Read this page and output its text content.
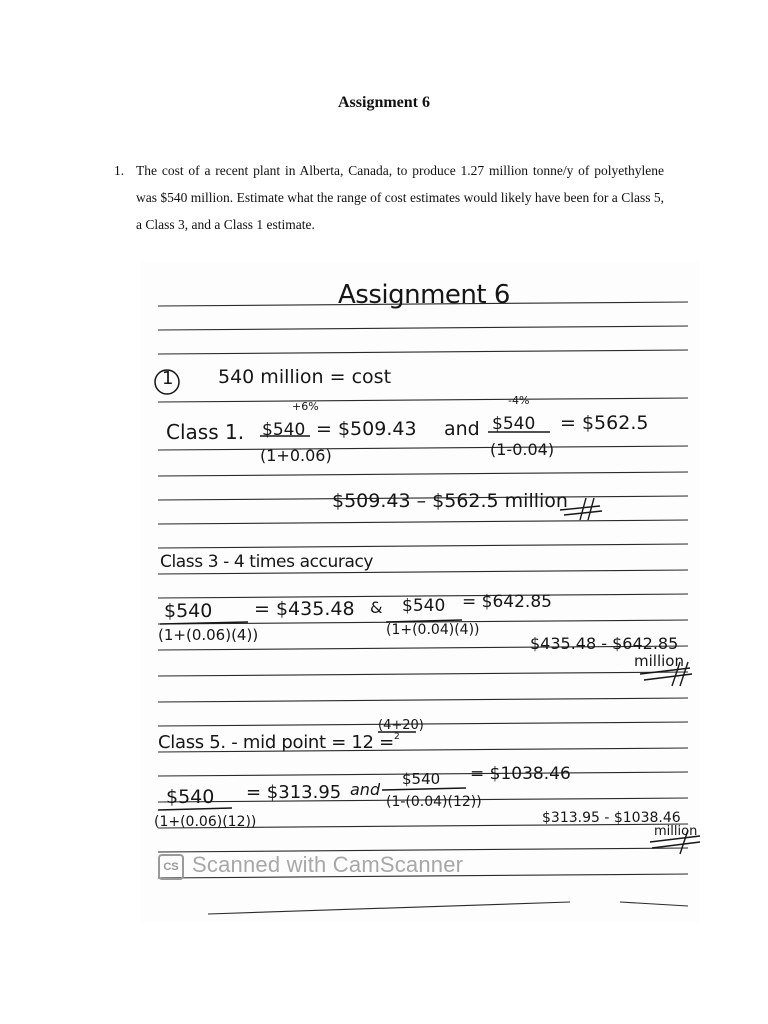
Assignment 6
1. The cost of a recent plant in Alberta, Canada, to produce 1.27 million tonne/y of polyethylene was $540 million. Estimate what the range of cost estimates would likely have been for a Class 5, a Class 3, and a Class 1 estimate.
Assignment 6
1 540 million = cost
+6%	-4%
Class 1. $540
(1+0.06)
= $509.43 and $540
(1-0.04)
= $562.5
$509.43 – $562.5 million
Class 3 - 4 times accuracy
$540
(1+(0.06)(4))
= $435.48 & $540
(1+(0.04)(4))
= $642.85
$435.48 - $642.85
million
Class 5. - mid point = 12 =
(4+20)
2
$540
(1+(0.06)(12))
= $313.95 and
$540
(1-(0.04)(12))
= $1038.46
$313.95 - $1038.46
million
CS Scanned with CamScanner
